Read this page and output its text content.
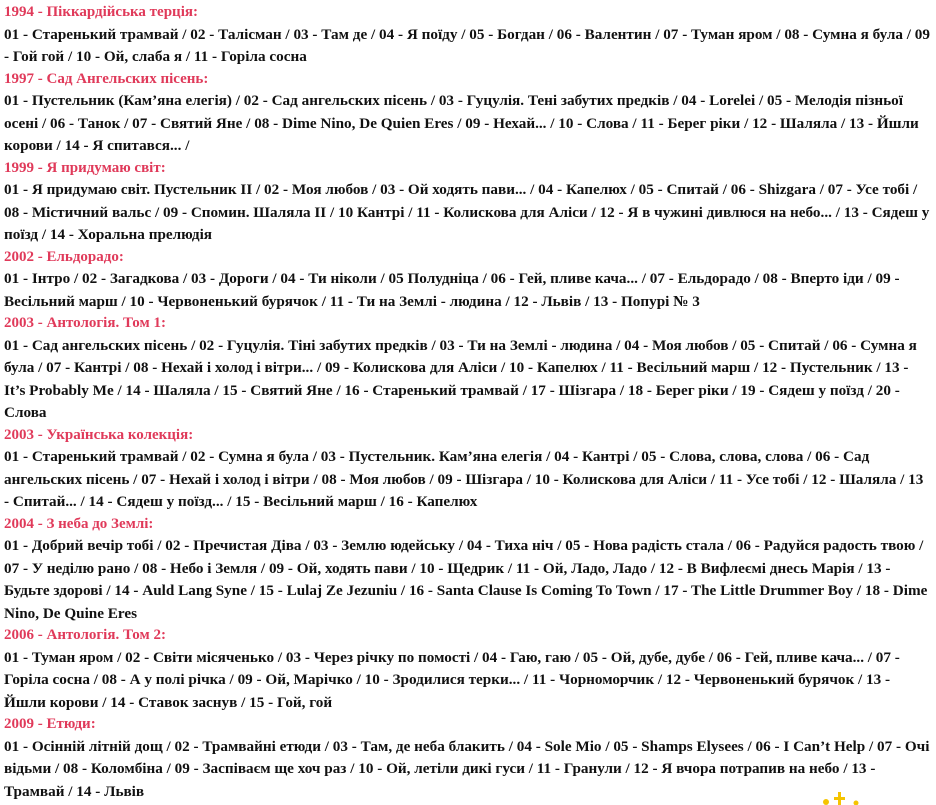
1994 - Піккардійська терція:

01 - Старенький трамвай / 02 - Талісман / 03 - Там де / 04 - Я поїду / 05 - Богдан / 06 - Валентин / 07 - Туман яром / 08 - Сумна я була / 09 - Гой гой / 10 - Ой, слаба я / 11 - Горіла сосна

1997 - Сад Ангельских пісень:

01 - Пустельник (Кам’яна елегія) / 02 - Сад ангельских пісень / 03 - Гуцулія. Тені забутих предків / 04 - Lorelei / 05 - Мелодія пізньої осені / 06 - Танок / 07 - Святий Яне / 08 - Dime Nino, De Quien Eres / 09 - Нехай... / 10 - Слова / 11 - Берег ріки / 12 - Шаляла / 13 - Йшли корови / 14 - Я спитався... /

1999 - Я придумаю світ:

01 - Я придумаю світ. Пустельник II / 02 - Моя любов / 03 - Ой ходять пави... / 04 - Капелюх / 05 - Спитай / 06 - Shizgara / 07 - Усе тобі / 08 - Містичний вальс / 09 - Спомин. Шаляла II / 10 Кантрі / 11 - Колискова для Аліси / 12 - Я в чужині дивлюся на небо... / 13 - Сядеш у поїзд / 14 - Хоральна прелюдія

2002 - Ельдорадо:

01 - Інтро / 02 - Загадкова / 03 - Дороги / 04 - Ти ніколи / 05 Полудніца / 06 - Гей, пливе кача... / 07 - Ельдорадо / 08 - Вперто іди / 09 - Весільний марш / 10 - Червоненький бурячок / 11 - Ти на Землі - людина / 12 - Львів / 13 - Попурі № 3

2003 - Антологія. Том 1:

01 - Сад ангельских пісень / 02 - Гуцулія. Тіні забутих предків / 03 - Ти на Землі - людина / 04 - Моя любов / 05 - Спитай / 06 - Сумна я була / 07 - Кантрі / 08 - Нехай і холод і вітри... / 09 - Колискова для Аліси / 10 - Капелюх / 11 - Весільний марш / 12 - Пустельник / 13 - It’s Probably Me / 14 - Шаляла / 15 - Святий Яне / 16 - Старенький трамвай / 17 - Шізгара / 18 - Берег ріки / 19 - Сядеш у поїзд / 20 - Слова

2003 - Українська колекція:

01 - Старенький трамвай / 02 - Сумна я була / 03 - Пустельник. Кам’яна елегія / 04 - Кантрі / 05 - Слова, слова, слова / 06 - Сад ангельских пісень / 07 - Нехай і холод і вітри / 08 - Моя любов / 09 - Шізгара / 10 - Колискова для Аліси / 11 - Усе тобі / 12 - Шаляла / 13 - Спитай... / 14 - Сядеш у поїзд... / 15 - Весільний марш / 16 - Капелюх

2004 - З неба до Землі:

01 - Добрий вечір тобі / 02 - Пречистая Діва / 03 - Землю юдейську / 04 - Тиха ніч / 05 - Нова радість стала / 06 - Радуйся радость твою / 07 - У неділю рано / 08 - Небо і Земля / 09 - Ой, ходять пави / 10 - Щедрик / 11 - Ой, Ладо, Ладо / 12 - В Вифлеємі днесь Марія / 13 - Будьте здорові / 14 - Auld Lang Syne / 15 - Lulaj Ze Jezuniu / 16 - Santa Clause Is Coming To Town / 17 - The Little Drummer Boy / 18 - Dime Nino, De Quine Eres

2006 - Антологія. Том 2:

01 - Туман яром / 02 - Світи місяченько / 03 - Через річку по помості / 04 - Гаю, гаю / 05 - Ой, дубе, дубе / 06 - Гей, пливе кача... / 07 - Горіла сосна / 08 - А у полі річка / 09 - Ой, Марічко / 10 - Зродилися терки... / 11 - Чорноморчик / 12 - Червоненький бурячок / 13 - Йшли корови / 14 - Ставок заснув / 15 - Гой, гой

2009 - Етюди:

01 - Осінній літній дощ / 02 - Трамвайні етюди / 03 - Там, де неба блакить / 04 - Sole Mio / 05 - Shamps Elysees / 06 - I Can’t Help / 07 - Очі відьми / 08 - Коломбіна / 09 - Заспіваєм ще хоч раз / 10 - Ой, летіли дикі гуси / 11 - Гранули / 12 - Я вчора потрапив на небо / 13 - Трамвай / 14 - Львів
